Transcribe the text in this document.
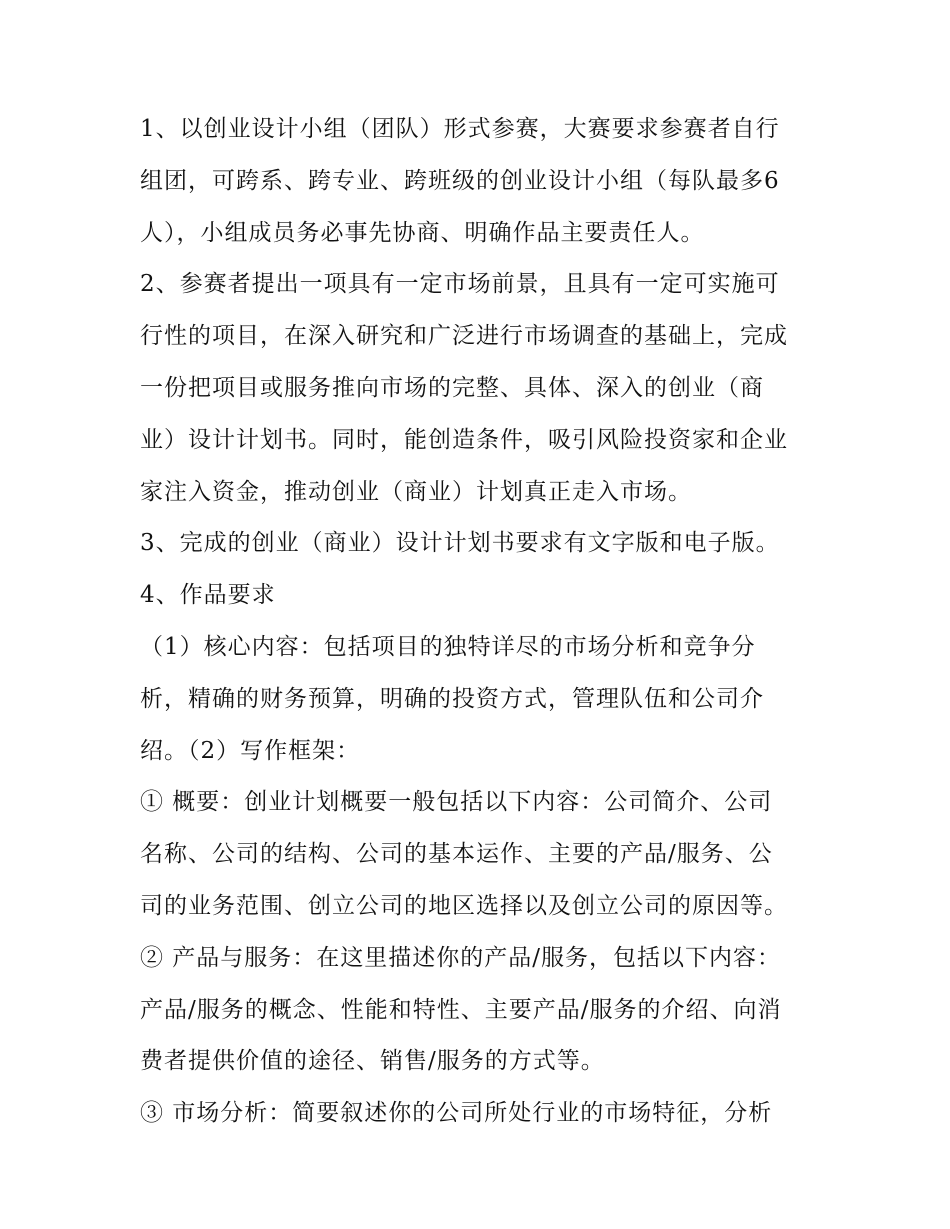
1、以创业设计小组（团队）形式参赛，大赛要求参赛者自行
组团，可跨系、跨专业、跨班级的创业设计小组（每队最多6
人），小组成员务必事先协商、明确作品主要责任人。
2、参赛者提出一项具有一定市场前景，且具有一定可实施可
行性的项目，在深入研究和广泛进行市场调查的基础上，完成
一份把项目或服务推向市场的完整、具体、深入的创业（商
业）设计计划书。同时，能创造条件，吸引风险投资家和企业
家注入资金，推动创业（商业）计划真正走入市场。
3、完成的创业（商业）设计计划书要求有文字版和电子版。
4、作品要求
（1）核心内容：包括项目的独特详尽的市场分析和竞争分
析，精确的财务预算，明确的投资方式，管理队伍和公司介
绍。（2）写作框架：
① 概要：创业计划概要一般包括以下内容：公司简介、公司
名称、公司的结构、公司的基本运作、主要的产品/服务、公
司的业务范围、创立公司的地区选择以及创立公司的原因等。
② 产品与服务：在这里描述你的产品/服务，包括以下内容：
产品/服务的概念、性能和特性、主要产品/服务的介绍、向消
费者提供价值的途径、销售/服务的方式等。
③ 市场分析：简要叙述你的公司所处行业的市场特征，分析
